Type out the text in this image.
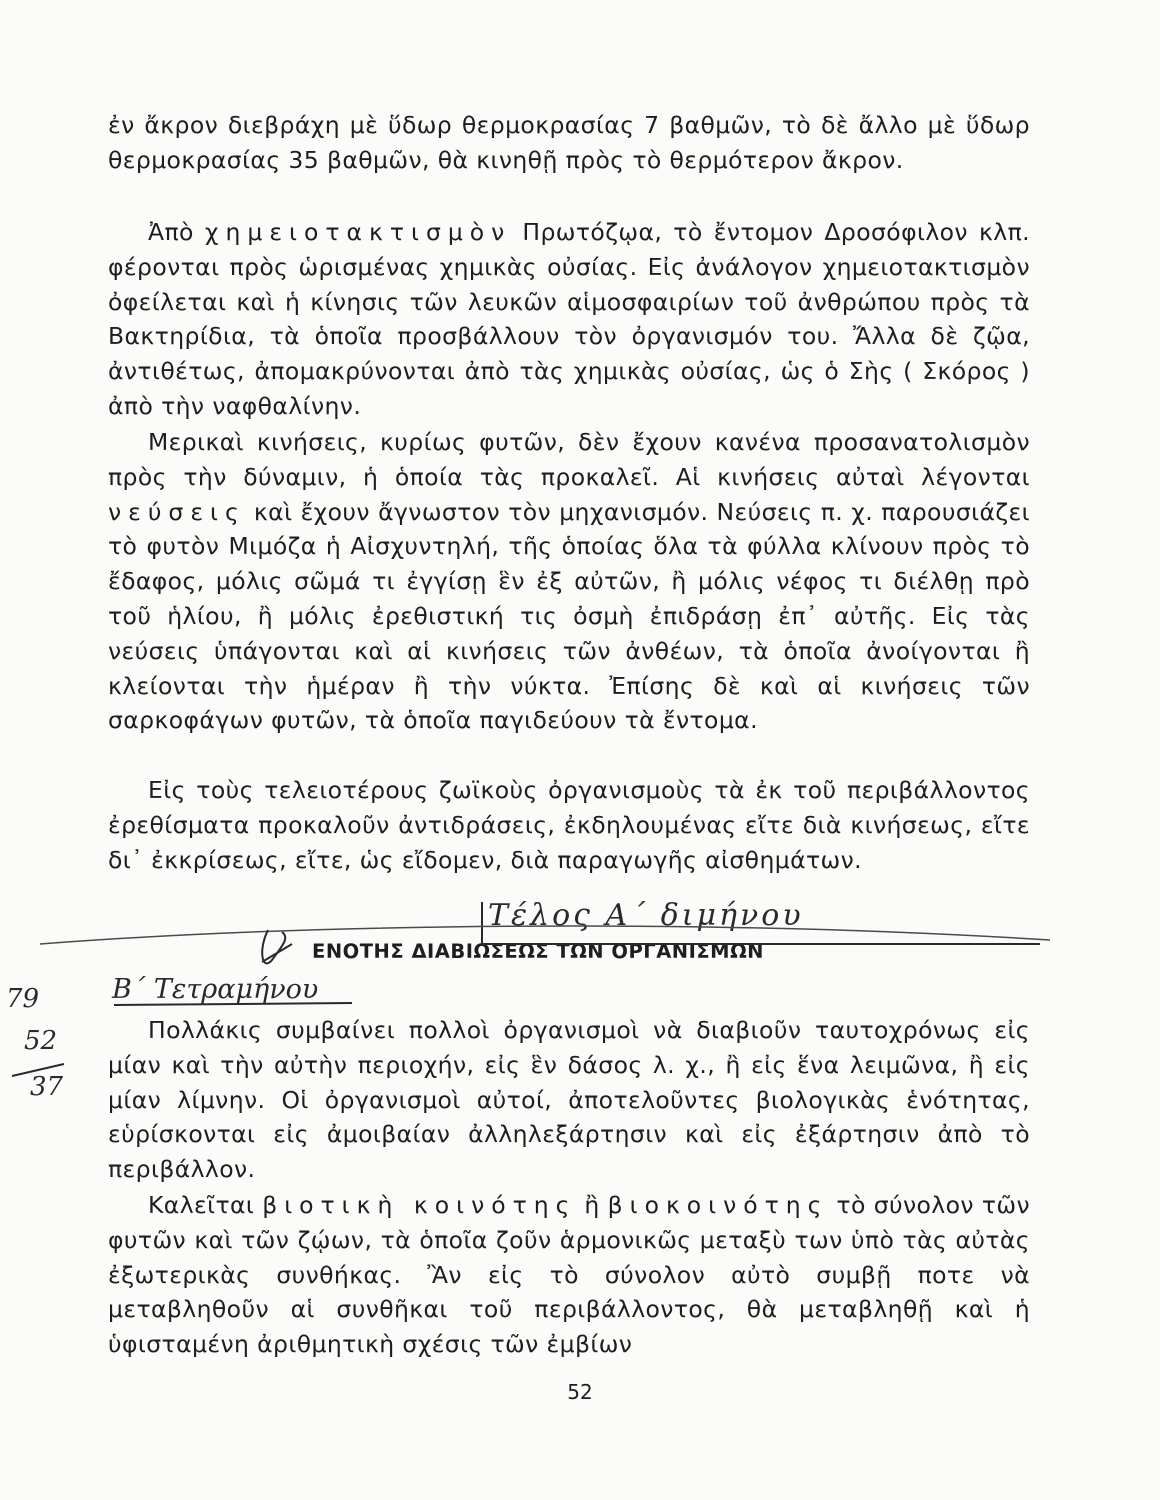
ἐν ἄκρον διεβράχη μὲ ὕδωρ θερμοκρασίας 7 βαθμῶν, τὸ δὲ ἄλλο μὲ ὕδωρ θερμοκρασίας 35 βαθμῶν, θὰ κινηθῇ πρὸς τὸ θερμότερον ἄκρον.

Ἀπὸ χημειοτακτισμὸν Πρωτόζῳα, τὸ ἔντομον Δροσόφιλον κλπ. φέρονται πρὸς ὡρισμένας χημικὰς οὐσίας. Εἰς ἀνάλογον χημειοτακτισμὸν ὀφείλεται καὶ ἡ κίνησις τῶν λευκῶν αἱμοσφαιρίων τοῦ ἀνθρώπου πρὸς τὰ Βακτηρίδια, τὰ ὁποῖα προσβάλλουν τὸν ὀργανισμόν του. Ἄλλα δὲ ζῷα, ἀντιθέτως, ἀπομακρύνονται ἀπὸ τὰς χημικὰς οὐσίας, ὡς ὁ Σὴς ( Σκόρος ) ἀπὸ τὴν ναφθαλίνην.

Μερικαὶ κινήσεις, κυρίως φυτῶν, δὲν ἔχουν κανένα προσανατολισμὸν πρὸς τὴν δύναμιν, ἡ ὁποία τὰς προκαλεῖ. Αἱ κινήσεις αὐταὶ λέγονται νεύσεις καὶ ἔχουν ἄγνωστον τὸν μηχανισμόν. Νεύσεις π. χ. παρουσιάζει τὸ φυτὸν Μιμόζα ἡ Αἰσχυντηλή, τῆς ὁποίας ὅλα τὰ φύλλα κλίνουν πρὸς τὸ ἔδαφος, μόλις σῶμά τι ἐγγίσῃ ἓν ἐξ αὐτῶν, ἢ μόλις νέφος τι διέλθῃ πρὸ τοῦ ἡλίου, ἢ μόλις ἐρεθιστική τις ὀσμὴ ἐπιδράσῃ ἐπ᾽ αὐτῆς. Εἰς τὰς νεύσεις ὑπάγονται καὶ αἱ κινήσεις τῶν ἀνθέων, τὰ ὁποῖα ἀνοίγονται ἢ κλείονται τὴν ἡμέραν ἢ τὴν νύκτα. Ἐπίσης δὲ καὶ αἱ κινήσεις τῶν σαρκοφάγων φυτῶν, τὰ ὁποῖα παγιδεύουν τὰ ἔντομα.

Εἰς τοὺς τελειοτέρους ζωϊκοὺς ὀργανισμοὺς τὰ ἐκ τοῦ περιβάλλοντος ἐρεθίσματα προκαλοῦν ἀντιδράσεις, ἐκδηλουμένας εἴτε διὰ κινήσεως, εἴτε δι᾽ ἐκκρίσεως, εἴτε, ὡς εἴδομεν, διὰ παραγωγῆς αἰσθημάτων.

ΕΝΟΤΗΣ ΔΙΑΒΙΩΣΕΩΣ ΤΩΝ ΟΡΓΑΝΙΣΜΩΝ

Πολλάκις συμβαίνει πολλοὶ ὀργανισμοὶ νὰ διαβιοῦν ταυτοχρόνως εἰς μίαν καὶ τὴν αὐτὴν περιοχήν, εἰς ἓν δάσος λ. χ., ἢ εἰς ἕνα λειμῶνα, ἢ εἰς μίαν λίμνην. Οἱ ὀργανισμοὶ αὐτοί, ἀποτελοῦντες βιολογικὰς ἑνότητας, εὑρίσκονται εἰς ἀμοιβαίαν ἀλληλεξάρτησιν καὶ εἰς ἐξάρτησιν ἀπὸ τὸ περιβάλλον.

Καλεῖται βιοτικὴ κοινότης ἢ βιοκοινότης τὸ σύνολον τῶν φυτῶν καὶ τῶν ζῴων, τὰ ὁποῖα ζοῦν ἁρμονικῶς μεταξὺ των ὑπὸ τὰς αὐτὰς ἐξωτερικὰς συνθήκας. Ἂν εἰς τὸ σύνολον αὐτὸ συμβῇ ποτε νὰ μεταβληθοῦν αἱ συνθῆκαι τοῦ περιβάλλοντος, θὰ μεταβληθῇ καὶ ἡ ὑφισταμένη ἀριθμητικὴ σχέσις τῶν ἐμβίων

52
Τέλος Α΄ διμήνου
Β΄ Τετραμήνου
79
52
37
